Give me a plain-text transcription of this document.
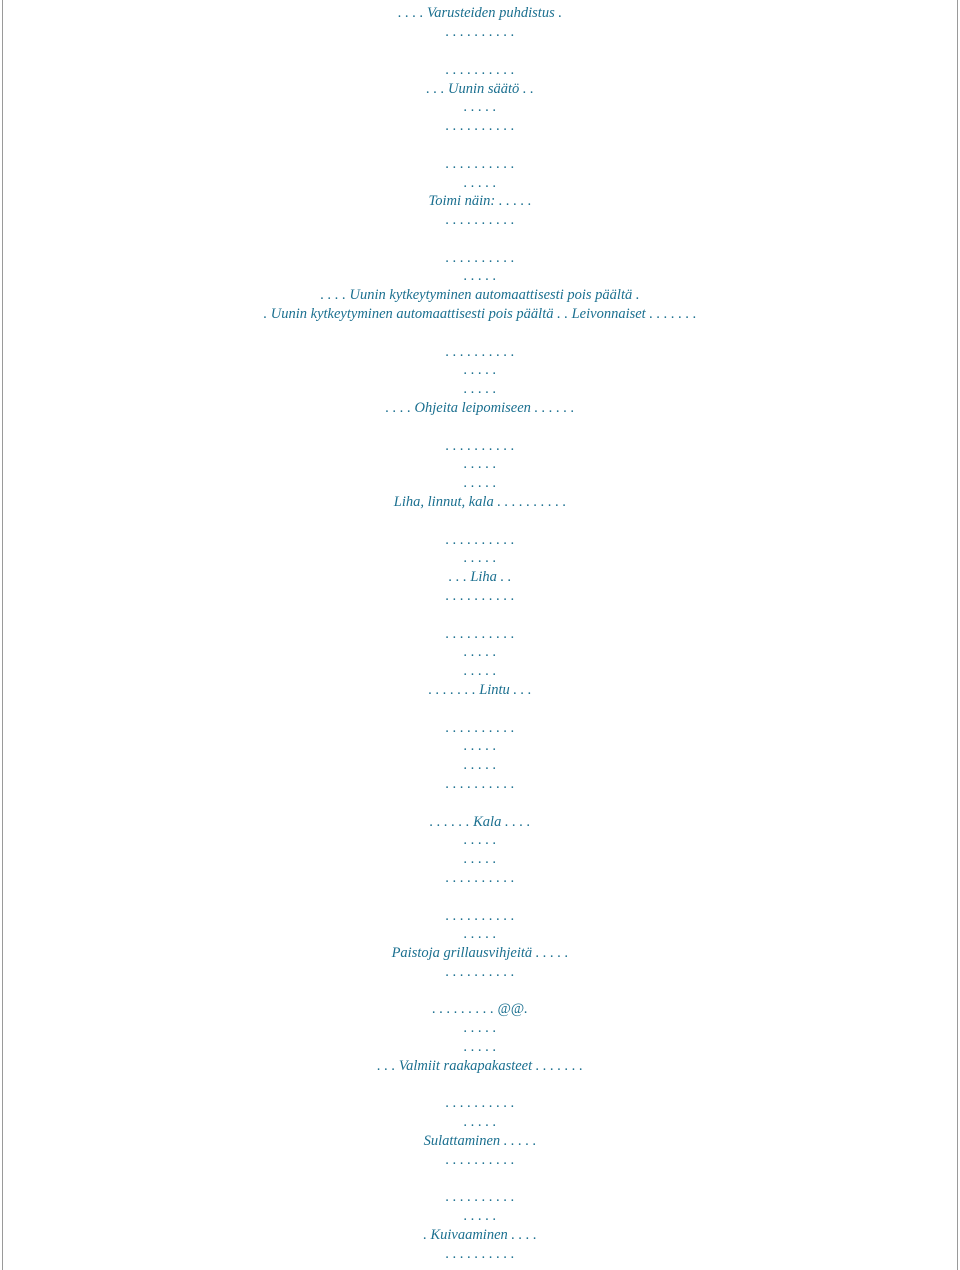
. . . . Varusteiden puhdistus .
. . . . . . . . . .
. . . . . . . . . .
. . . Uunin säätö . .
. . . . .
. . . . . . . . . .
. . . . . . . . . .
. . . . .
Toimi näin: . . . . .
. . . . . . . . . .
. . . . . . . . . .
. . . . .
. . . . Uunin kytkeytyminen automaattisesti pois päältä .
. Uunin kytkeytyminen automaattisesti pois päältä . . Leivonnaiset . . . . . . .
. . . . . . . . . .
. . . . .
. . . . .
. . . . Ohjeita leipomiseen . . . . . .
. . . . . . . . . .
. . . . .
. . . . .
Liha, linnut, kala . . . . . . . . . .
. . . . . . . . . .
. . . . .
. . . Liha . .
. . . . . . . . . .
. . . . . . . . . .
. . . . .
. . . . .
. . . . . . . Lintu . . .
. . . . . . . . . .
. . . . .
. . . . .
. . . . . . . . . .
. . . . . . Kala . . . .
. . . . .
. . . . .
. . . . . . . . . .
. . . . . . . . . .
. . . . .
Paistoja grillausvihjeitä . . . . .
. . . . . . . . . .
. . . . . . . . . @@.
. . . . .
. . . . .
. . . Valmiit raakapakasteet . . . . . . .
. . . . . . . . . .
. . . . .
Sulattaminen . . . . .
. . . . . . . . . .
. . . . . . . . . .
. . . . .
. Kuivaaminen . . . .
. . . . . . . . . .
